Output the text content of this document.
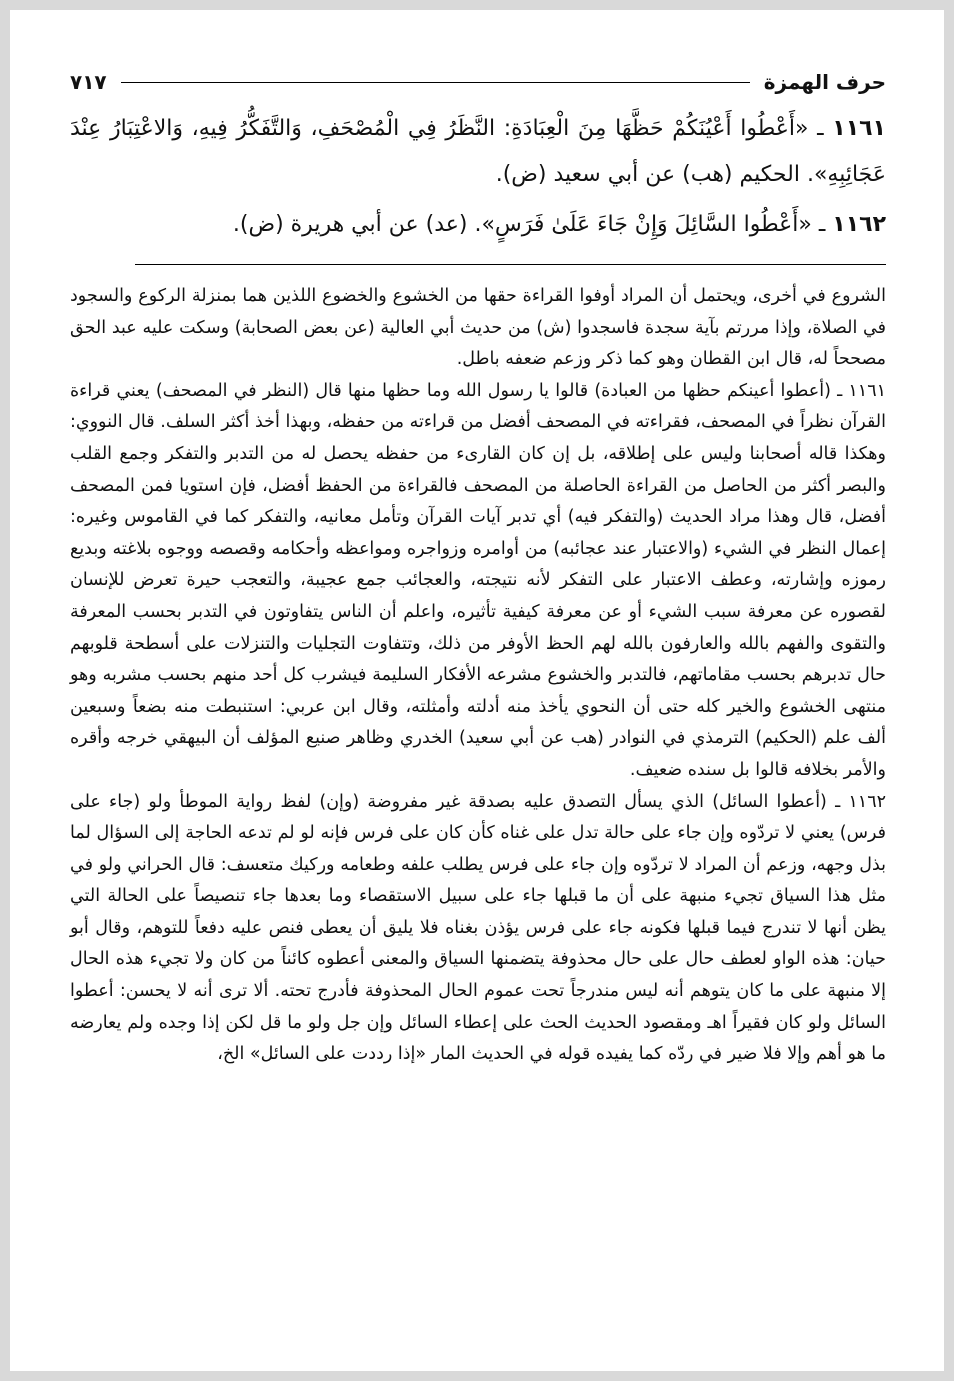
حرف الهمزة
٧١٧
١١٦١ ـ «أَعْطُوا أَعْيُنَكُمْ حَظَّهَا مِنَ الْعِبَادَةِ: النَّظَرُ فِي الْمُصْحَفِ، وَالتَّفَكُّرُ فِيهِ، وَالاعْتِبَارُ عِنْدَ عَجَائِبِهِ». الحكيم (هب) عن أبي سعيد (ض).
١١٦٢ ـ «أَعْطُوا السَّائِلَ وَإِنْ جَاءَ عَلَىٰ فَرَسٍ». (عد) عن أبي هريرة (ض).

الشروع في أخرى، ويحتمل أن المراد أوفوا القراءة حقها من الخشوع والخضوع اللذين هما بمنزلة الركوع والسجود في الصلاة، وإذا مررتم بآية سجدة فاسجدوا (ش) من حديث أبي العالية (عن بعض الصحابة) وسكت عليه عبد الحق مصححاً له، قال ابن القطان وهو كما ذكر وزعم ضعفه باطل.

١١٦١ ـ (أعطوا أعينكم حظها من العبادة) قالوا يا رسول الله وما حظها منها قال (النظر في المصحف) يعني قراءة القرآن نظراً في المصحف، فقراءته في المصحف أفضل من قراءته من حفظه، وبهذا أخذ أكثر السلف. قال النووي: وهكذا قاله أصحابنا وليس على إطلاقه، بل إن كان القارىء من حفظه يحصل له من التدبر والتفكر وجمع القلب والبصر أكثر من الحاصل من القراءة الحاصلة من المصحف فالقراءة من الحفظ أفضل، فإن استويا فمن المصحف أفضل، قال وهذا مراد الحديث (والتفكر فيه) أي تدبر آيات القرآن وتأمل معانيه، والتفكر كما في القاموس وغيره: إعمال النظر في الشيء (والاعتبار عند عجائبه) من أوامره وزواجره ومواعظه وأحكامه وقصصه ووجوه بلاغته وبديع رموزه وإشارته، وعطف الاعتبار على التفكر لأنه نتيجته، والعجائب جمع عجيبة، والتعجب حيرة تعرض للإنسان لقصوره عن معرفة سبب الشيء أو عن معرفة كيفية تأثيره، واعلم أن الناس يتفاوتون في التدبر بحسب المعرفة والتقوى والفهم بالله والعارفون بالله لهم الحظ الأوفر من ذلك، وتتفاوت التجليات والتنزلات على أسطحة قلوبهم حال تدبرهم بحسب مقاماتهم، فالتدبر والخشوع مشرعه الأفكار السليمة فيشرب كل أحد منهم بحسب مشربه وهو منتهى الخشوع والخير كله حتى أن النحوي يأخذ منه أدلته وأمثلته، وقال ابن عربي: استنبطت منه بضعاً وسبعين ألف علم (الحكيم) الترمذي في النوادر (هب عن أبي سعيد) الخدري وظاهر صنيع المؤلف أن البيهقي خرجه وأقره والأمر بخلافه قالوا بل سنده ضعيف.

١١٦٢ ـ (أعطوا السائل) الذي يسأل التصدق عليه بصدقة غير مفروضة (وإن) لفظ رواية الموطأ ولو (جاء على فرس) يعني لا تردّوه وإن جاء على حالة تدل على غناه كأن كان على فرس فإنه لو لم تدعه الحاجة إلى السؤال لما بذل وجهه، وزعم أن المراد لا تردّوه وإن جاء على فرس يطلب علفه وطعامه وركيك متعسف: قال الحراني ولو في مثل هذا السياق تجيء منبهة على أن ما قبلها جاء على سبيل الاستقصاء وما بعدها جاء تنصيصاً على الحالة التي يظن أنها لا تندرج فيما قبلها فكونه جاء على فرس يؤذن بغناه فلا يليق أن يعطى فنص عليه دفعاً للتوهم، وقال أبو حيان: هذه الواو لعطف حال على حال محذوفة يتضمنها السياق والمعنى أعطوه كائناً من كان ولا تجيء هذه الحال إلا منبهة على ما كان يتوهم أنه ليس مندرجاً تحت عموم الحال المحذوفة فأدرج تحته. ألا ترى أنه لا يحسن: أعطوا السائل ولو كان فقيراً اهـ ومقصود الحديث الحث على إعطاء السائل وإن جل ولو ما قل لكن إذا وجده ولم يعارضه ما هو أهم وإلا فلا ضير في ردّه كما يفيده قوله في الحديث المار «إذا رددت على السائل» الخ،
